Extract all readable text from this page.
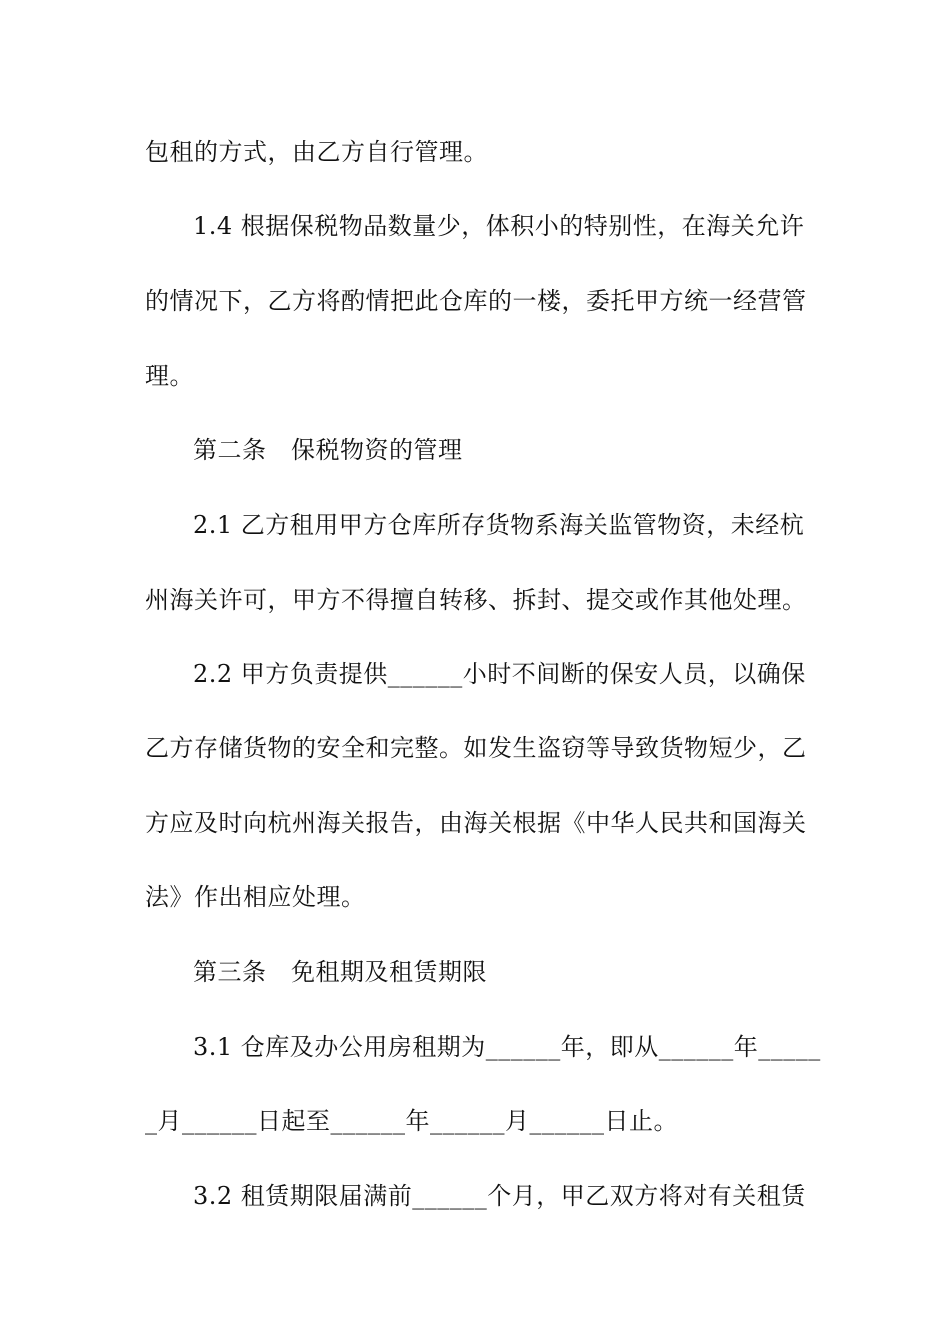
包租的方式，由乙方自行管理。
1.4 根据保税物品数量少，体积小的特别性，在海关允许
的情况下，乙方将酌情把此仓库的一楼，委托甲方统一经营管
理。
第二条　保税物资的管理
2.1 乙方租用甲方仓库所存货物系海关监管物资，未经杭
州海关许可，甲方不得擅自转移、拆封、提交或作其他处理。
2.2 甲方负责提供______小时不间断的保安人员，以确保
乙方存储货物的安全和完整。如发生盗窃等导致货物短少，乙
方应及时向杭州海关报告，由海关根据《中华人民共和国海关
法》作出相应处理。
第三条　免租期及租赁期限
3.1 仓库及办公用房租期为______年，即从______年_____
_月______日起至______年______月______日止。
3.2 租赁期限届满前______个月，甲乙双方将对有关租赁
